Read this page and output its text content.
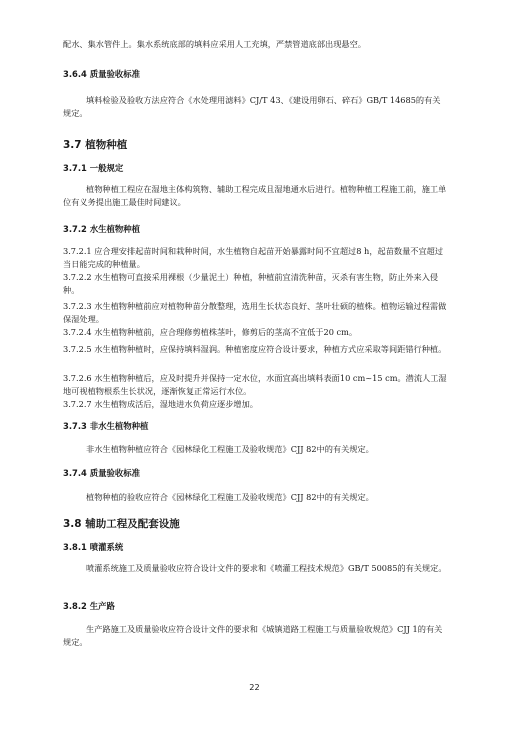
配水、集水管件上。集水系统底部的填料应采用人工充填，严禁管道底部出现悬空。

3.6.4 质量验收标准

填料检验及验收方法应符合《水处理用滤料》CJ/T 43、《建设用卵石、碎石》GB/T 14685的有关规定。

3.7 植物种植

3.7.1 一般规定

植物种植工程应在湿地主体构筑物、辅助工程完成且湿地通水后进行。植物种植工程施工前，施工单位有义务提出施工最佳时间建议。

3.7.2 水生植物种植

3.7.2.1 应合理安排起苗时间和栽种时间，水生植物自起苗开始暴露时间不宜超过8 h，起苗数量不宜超过当日能完成的种植量。

3.7.2.2 水生植物可直接采用裸根（少量泥土）种植，种植前宜清洗种苗，灭杀有害生物，防止外来入侵种。

3.7.2.3 水生植物种植前应对植物种苗分散整理，选用生长状态良好、茎叶壮硕的植株。植物运输过程需做保湿处理。

3.7.2.4 水生植物种植前，应合理修剪植株茎叶，修剪后的茎高不宜低于20 cm。

3.7.2.5 水生植物种植时，应保持填料湿润。种植密度应符合设计要求，种植方式应采取等间距错行种植。

3.7.2.6 水生植物种植后，应及时提升并保持一定水位，水面宜高出填料表面10 cm~15 cm。潜流人工湿地可视植物根系生长状况，逐渐恢复正常运行水位。

3.7.2.7 水生植物成活后，湿地进水负荷应逐步增加。

3.7.3 非水生植物种植

非水生植物种植应符合《园林绿化工程施工及验收规范》CJJ 82中的有关规定。

3.7.4 质量验收标准

植物种植的验收应符合《园林绿化工程施工及验收规范》CJJ 82中的有关规定。

3.8 辅助工程及配套设施

3.8.1 喷灌系统

喷灌系统施工及质量验收应符合设计文件的要求和《喷灌工程技术规范》GB/T 50085的有关规定。

3.8.2 生产路

生产路施工及质量验收应符合设计文件的要求和《城镇道路工程施工与质量验收规范》CJJ 1的有关规定。

22
